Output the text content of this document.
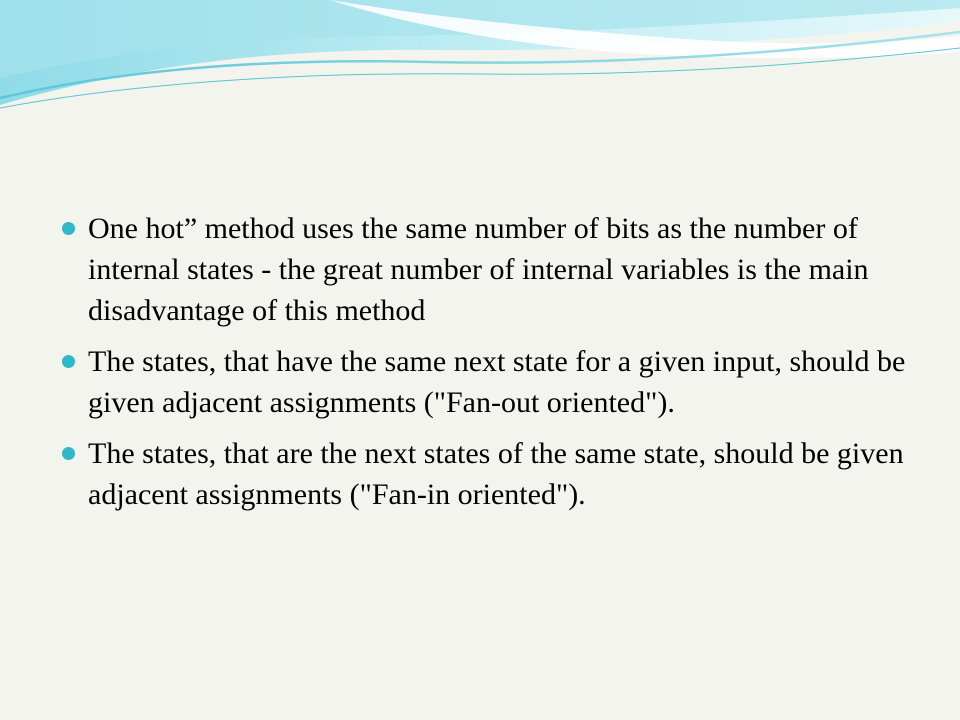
One hot” method uses the same number of bits as the number of internal states - the great number of internal variables is the main disadvantage of this method
The states, that have the same next state for a given input, should be given adjacent assignments ("Fan-out oriented").
The states, that are the next states of the same state, should be given adjacent assignments ("Fan-in oriented").
